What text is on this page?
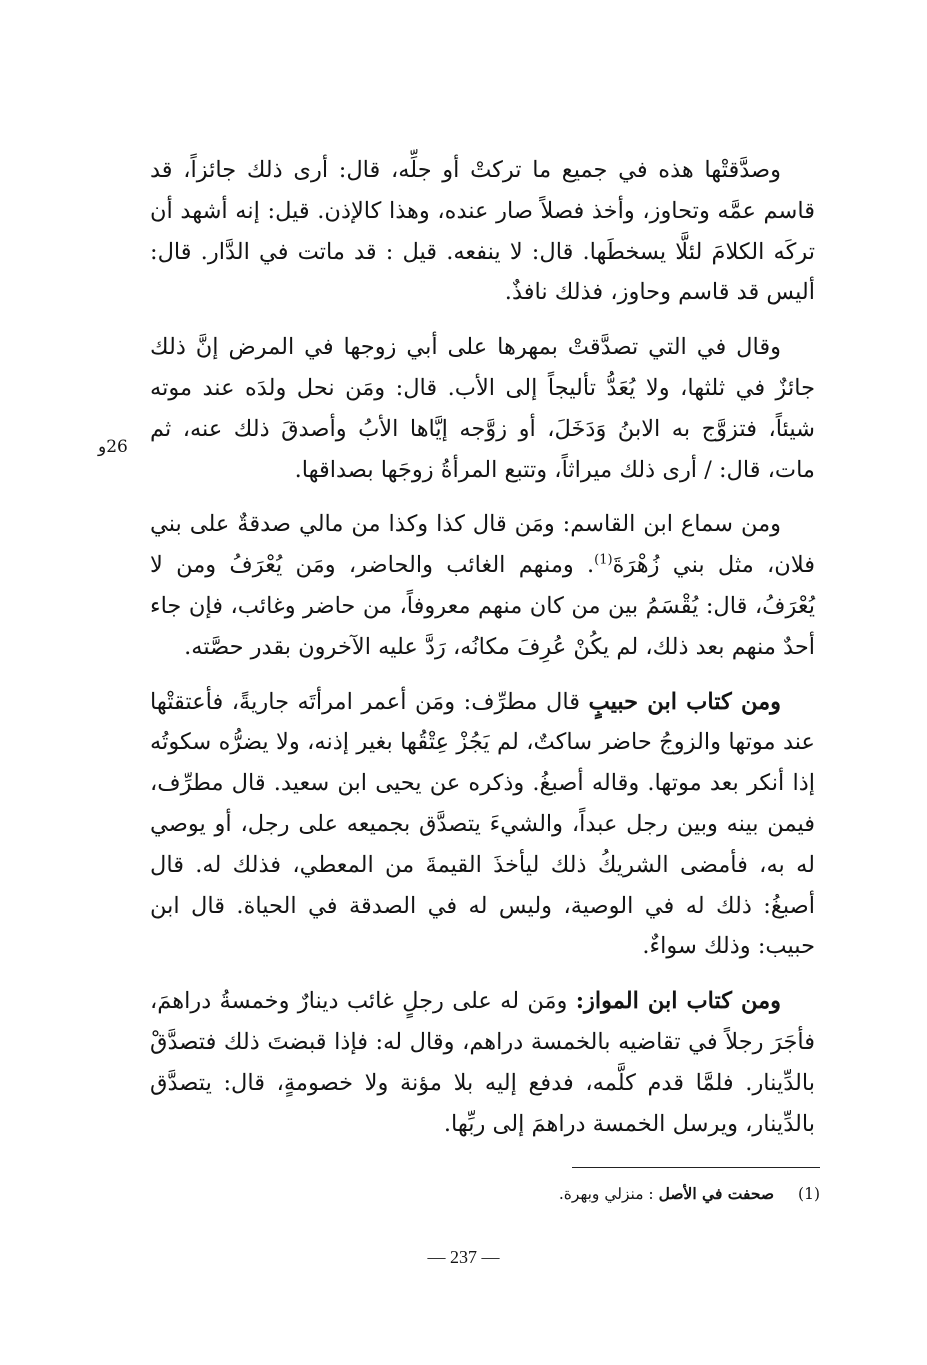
وصدَّقتْها هذه في جميع ما تركتْ أو جلِّه، قال: أرى ذلك جائزاً، قد قاسم عمَّه وتحاوز، وأخذ فصلاً صار عنده، وهذا كالإذن. قيل: إنه أشهد أن تركَه الكلامَ لئلَّا يسخطَها. قال: لا ينفعه. قيل : قد ماتت في الدَّار. قال: أليس قد قاسم وحاوز، فذلك نافذٌ.

وقال في التي تصدَّقتْ بمهرها على أبي زوجها في المرض إنَّ ذلك جائزٌ في ثلثها، ولا يُعَدُّ تأليجاً إلى الأب. قال: ومَن نحل ولدَه عند موته شيئاً، فتزوَّج به الابنُ وَدَخَلَ، أو زوَّجه إيَّاها الأبُ وأصدقَ ذلك عنه، ثم مات، قال: / أرى ذلك ميراثاً، وتتبع المرأةُ زوجَها بصداقها.

ومن سماع ابن القاسم: ومَن قال كذا وكذا من مالي صدقةٌ على بني فلان، مثل بني زُهْرَةَ$^{(1)}$. ومنهم الغائب والحاضر، ومَن يُعْرَفُ ومن لا يُعْرَفُ، قال: يُقْسَمُ بين من كان منهم معروفاً، من حاضر وغائب، فإن جاء أحدٌ منهم بعد ذلك، لم يكُنْ عُرِفَ مكانُه، رَدَّ عليه الآخرون بقدر حصَّته.

ومن كتاب ابن حبيبٍ قال مطرِّف: ومَن أعمر امرأتَه جاريةً، فأعتقتْها عند موتها والزوجُ حاضر ساكتٌ، لم يَجُزْ عِتْقُها بغير إذنه، ولا يضرُّه سكوتُه إذا أنكر بعد موتها. وقاله أصبغُ. وذكره عن يحيى ابن سعيد. قال مطرِّف، فيمن بينه وبين رجل عبداً، والشيءَ يتصدَّق بجميعه على رجل، أو يوصي له به، فأمضى الشريكُ ذلك ليأخذَ القيمةَ من المعطي، فذلك له. قال أصبغُ: ذلك له في الوصية، وليس له في الصدقة في الحياة. قال ابن حبيب: وذلك سواءٌ.

ومن كتاب ابن المواز: ومَن له على رجلٍ غائب دينارٌ وخمسةُ دراهمَ، فأجَرَ رجلاً في تقاضيه بالخمسة دراهم، وقال له: فإذا قبضتَ ذلك فتصدَّقْ بالدِّينار. فلمَّا قدم كلَّمه، فدفع إليه بلا مؤنة ولا خصومةٍ، قال: يتصدَّق بالدِّينار، ويرسل الخمسة دراهمَ إلى ربِّها.

26و
(1)صحفت في الأصل : منزلي وبهرة.
— 237 —
